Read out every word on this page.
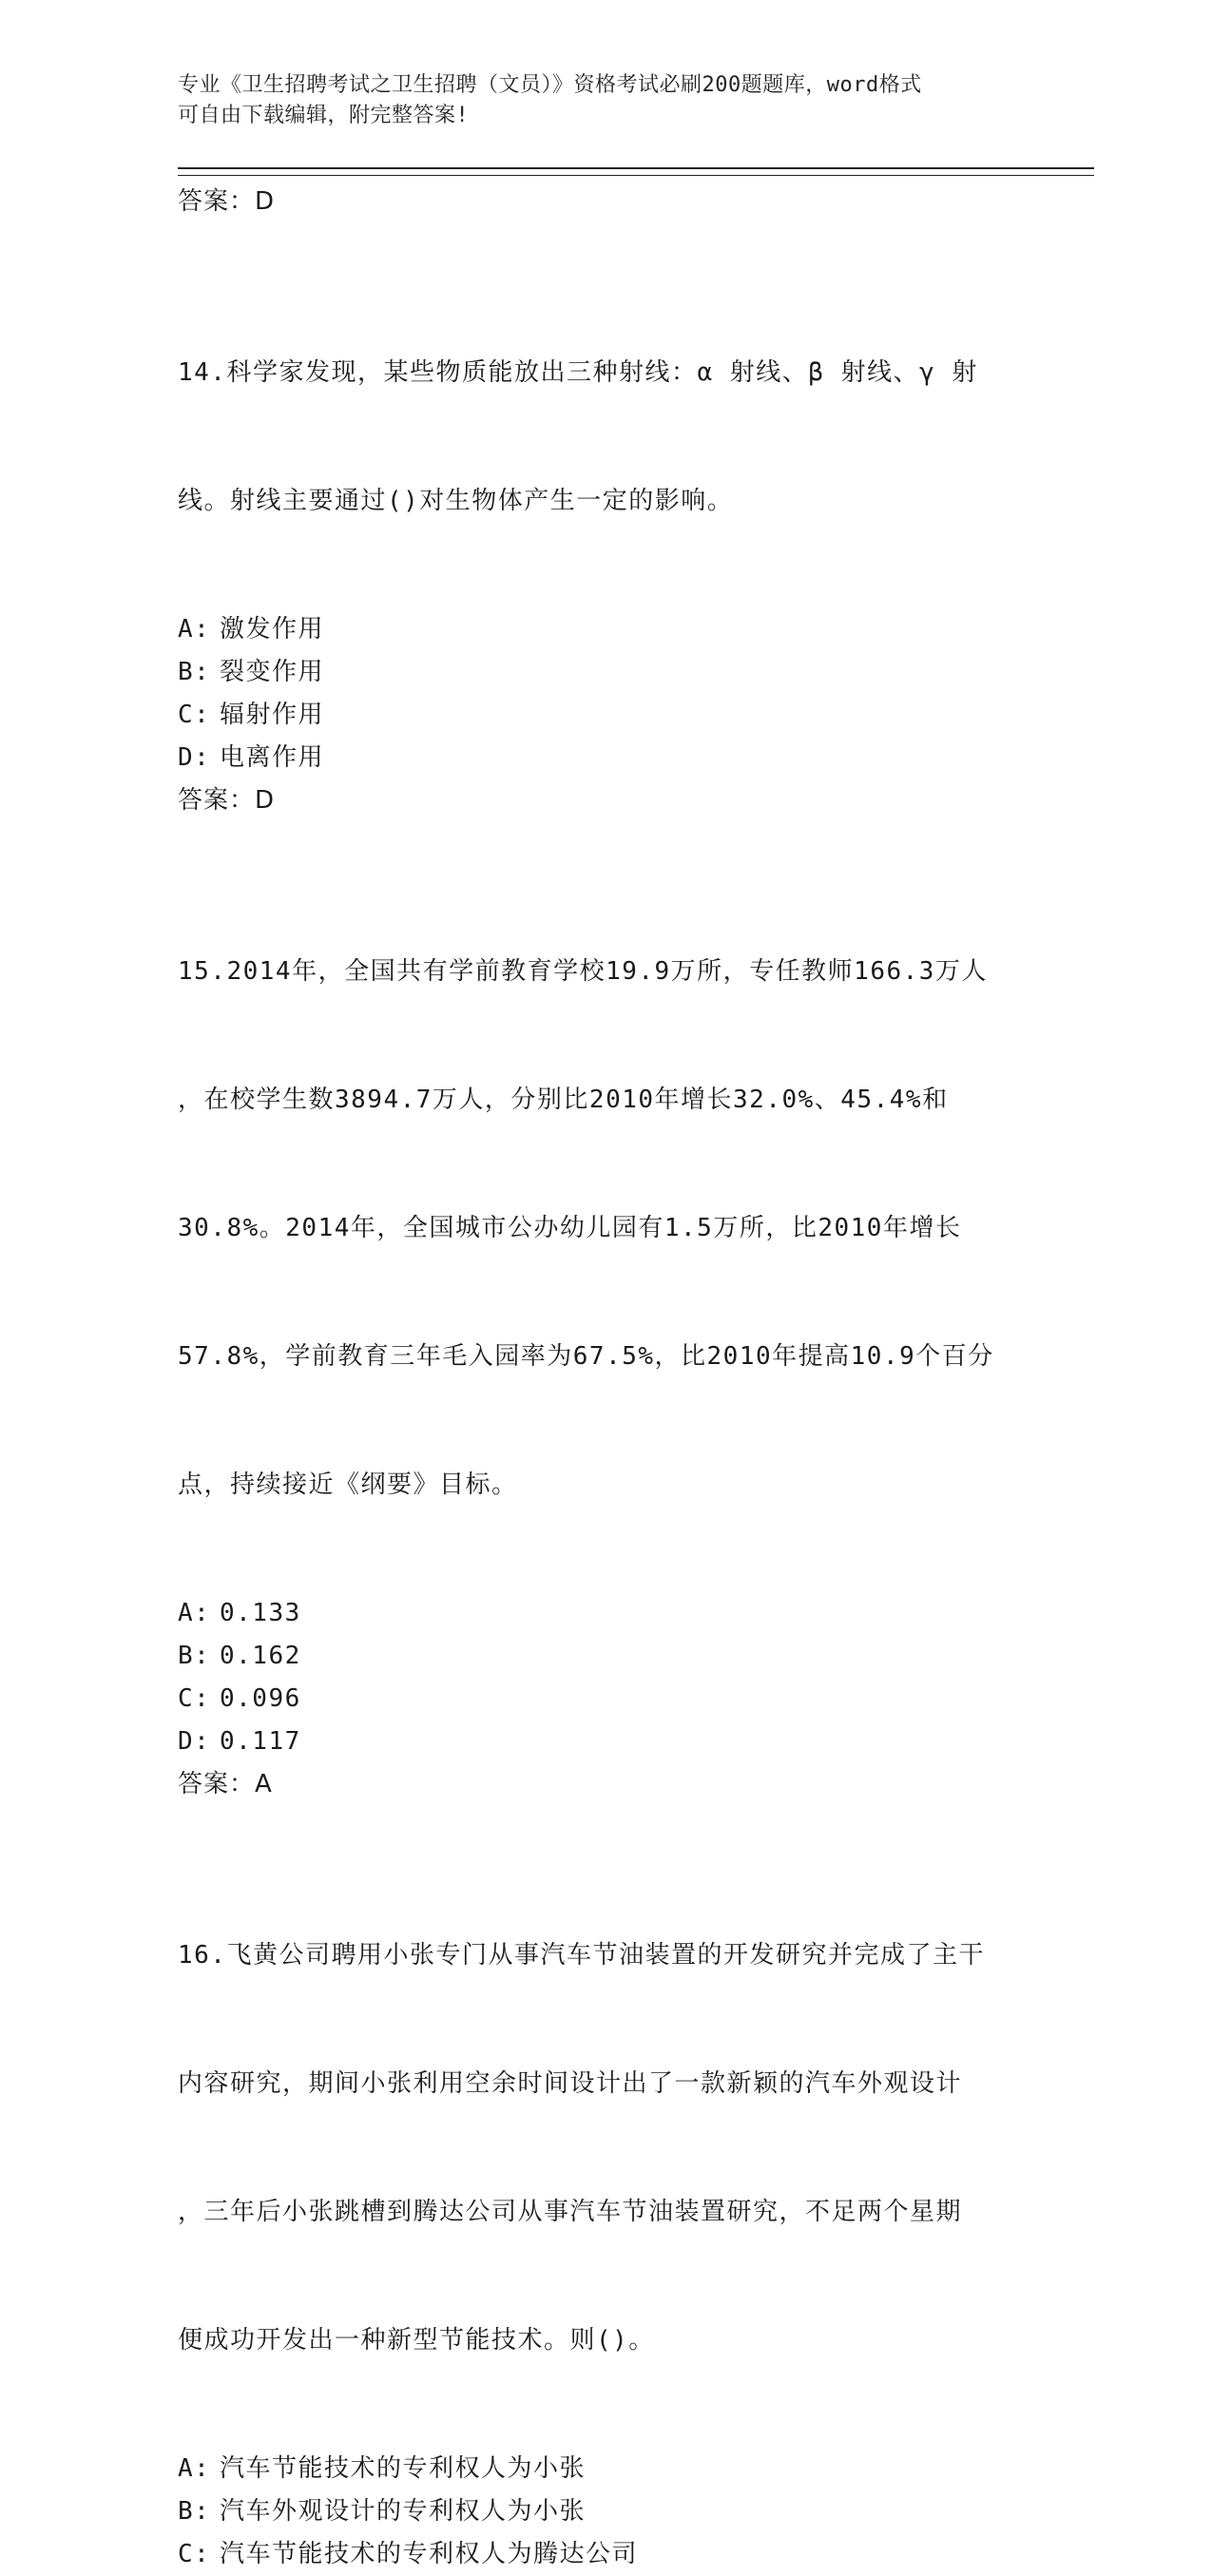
专业《卫生招聘考试之卫生招聘（文员）》资格考试必刷200题题库，word格式
可自由下载编辑，附完整答案!
答案：D

14.科学家发现，某些物质能放出三种射线：α 射线、β 射线、γ 射

线。射线主要通过()对生物体产生一定的影响。

A: 激发作用
B: 裂变作用
C: 辐射作用
D: 电离作用
答案：D

15.2014年，全国共有学前教育学校19.9万所，专任教师166.3万人

，在校学生数3894.7万人，分别比2010年增长32.0%、45.4%和

30.8%。2014年，全国城市公办幼儿园有1.5万所，比2010年增长

57.8%，学前教育三年毛入园率为67.5%，比2010年提高10.9个百分

点，持续接近《纲要》目标。

A: 0.133
B: 0.162
C: 0.096
D: 0.117
答案：A

16.飞黄公司聘用小张专门从事汽车节油装置的开发研究并完成了主干

内容研究，期间小张利用空余时间设计出了一款新颖的汽车外观设计

，三年后小张跳槽到腾达公司从事汽车节油装置研究，不足两个星期

便成功开发出一种新型节能技术。则()。

A: 汽车节能技术的专利权人为小张
B: 汽车外观设计的专利权人为小张
C: 汽车节能技术的专利权人为腾达公司
